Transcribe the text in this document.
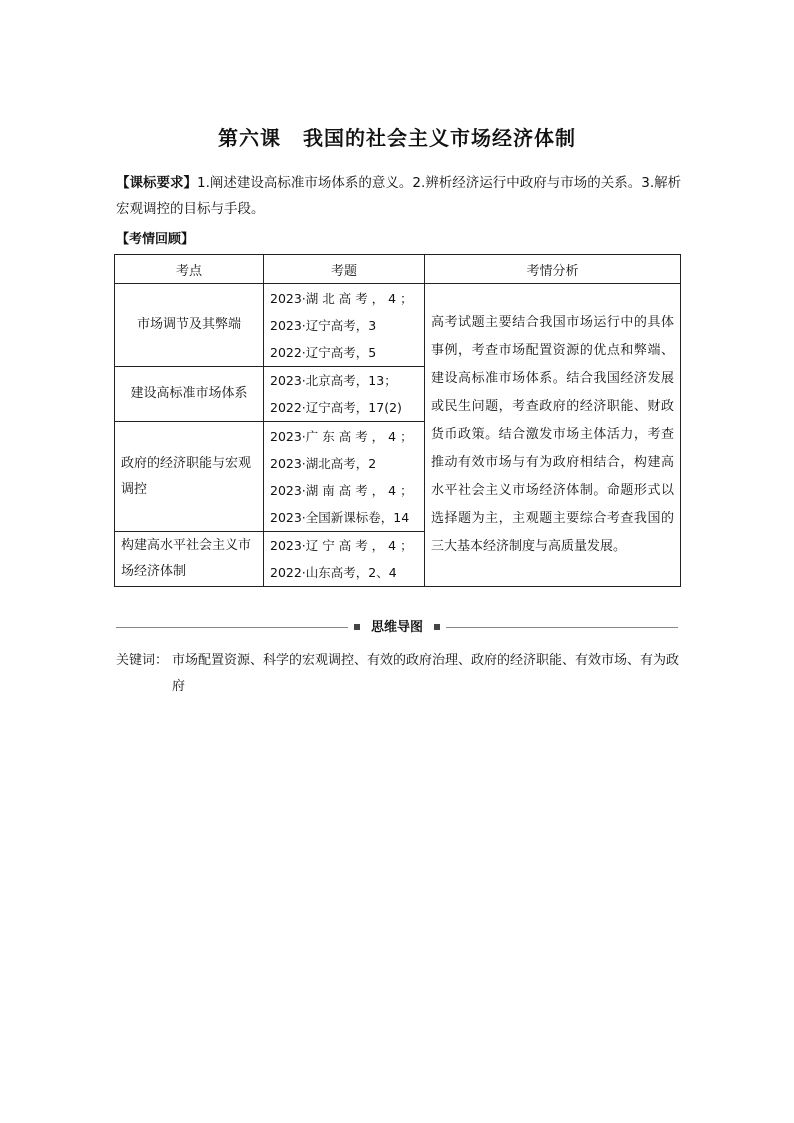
第六课 我国的社会主义市场经济体制
【课标要求】1.阐述建设高标准市场体系的意义。2.辨析经济运行中政府与市场的关系。3.解析宏观调控的目标与手段。
【考情回顾】
考点	考题	考情分析
市场调节及其弊端	2023·湖 北 高 考 ， 4 ；
2023·辽宁高考，3
2022·辽宁高考，5	高考试题主要结合我国市场运行中的具体事例，考查市场配置资源的优点和弊端、建设高标准市场体系。结合我国经济发展或民生问题，考查政府的经济职能、财政货币政策。结合激发市场主体活力，考查推动有效市场与有为政府相结合，构建高水平社会主义市场经济体制。命题形式以选择题为主，主观题主要综合考查我国的三大基本经济制度与高质量发展。
建设高标准市场体系	2023·北京高考，13；
2022·辽宁高考，17(2)	

政府的经济职能与宏观调控	2023·广 东 高 考 ， 4 ；
2023·湖北高考，2
2023·湖 南 高 考 ， 4 ；
2023·全国新课标卷，14	

构建高水平社会主义市场经济体制	2023·辽 宁 高 考 ， 4 ；
2022·山东高考，2、4	
思维导图
关键词： 市场配置资源、科学的宏观调控、有效的政府治理、政府的经济职能、有效市场、有为政府
